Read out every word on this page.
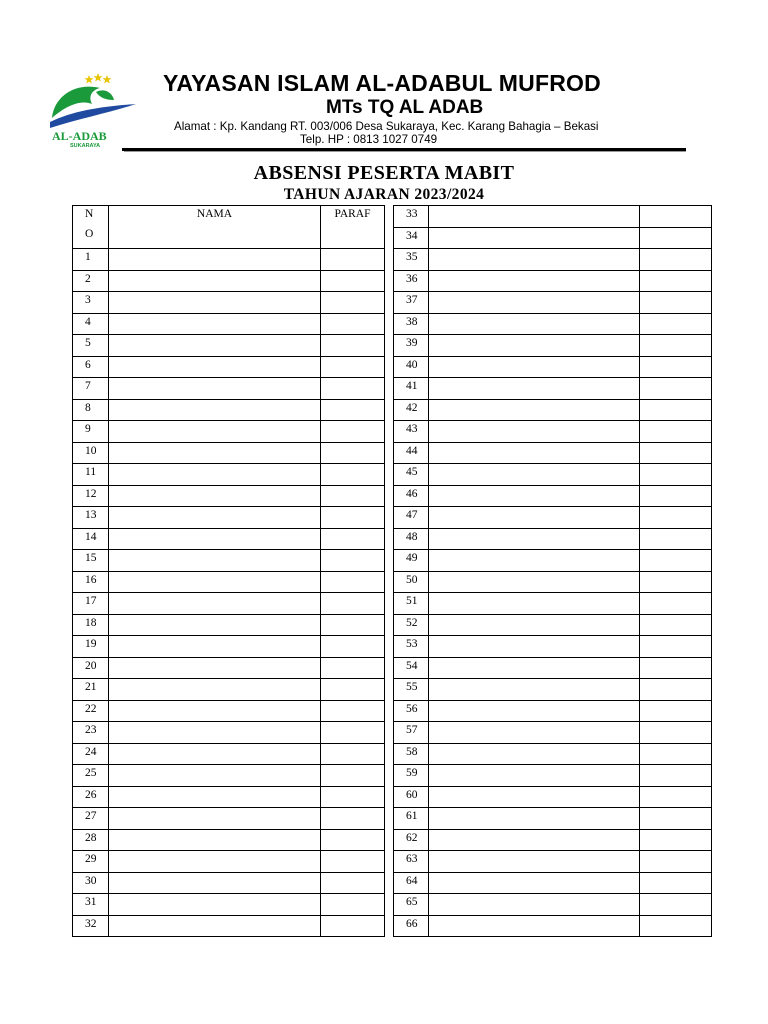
AL-ADAB
SUKARAYA
YAYASAN ISLAM AL-ADABUL MUFROD
MTs TQ AL ADAB
Alamat : Kp. Kandang RT. 003/006 Desa Sukaraya, Kec. Karang Bahagia – Bekasi
Telp. HP : 0813 1027 0749
ABSENSI PESERTA MABIT
TAHUN AJARAN 2023/2024
N
O	NAMA	PARAF

1		
2		
3		
4		
5		
6		
7		
8		
9		
10		
11		
12		
13		
14		
15		
16		
17		
18		
19		
20		
21		
22		
23		
24		
25		
26		
27		
28		
29		
30		
31		
32		
33		
34		
35		
36		
37		
38		
39		
40		
41		
42		
43		
44		
45		
46		
47		
48		
49		
50		
51		
52		
53		
54		
55		
56		
57		
58		
59		
60		
61		
62		
63		
64		
65		
66		
